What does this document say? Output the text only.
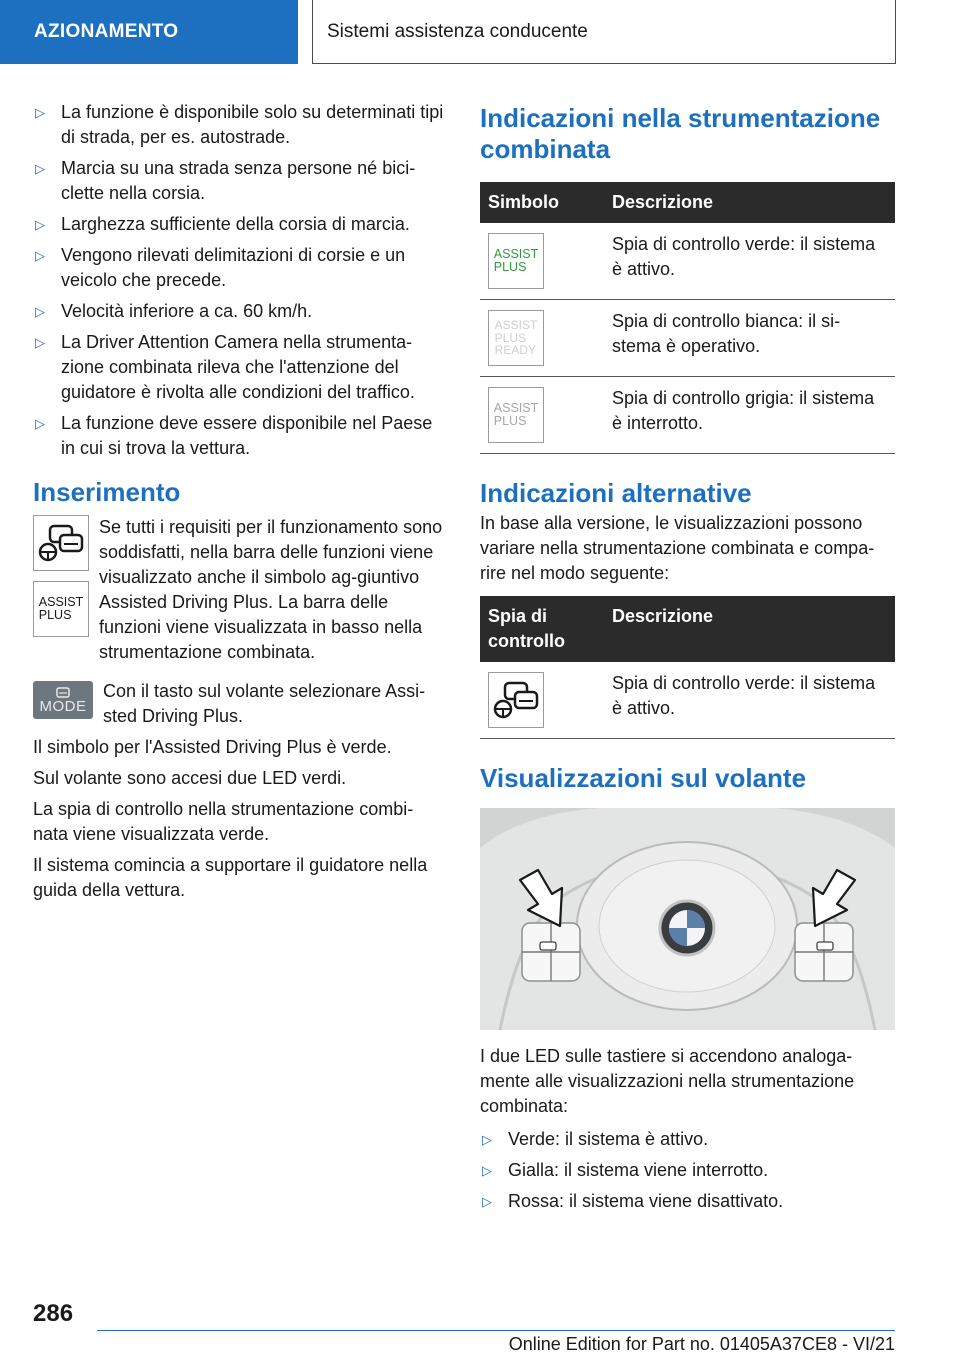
AZIONAMENTO	Sistemi assistenza conducente
▷ La funzione è disponibile solo su determinati tipi di strada, per es. autostrade.
▷ Marcia su una strada senza persone né bici-clette nella corsia.
▷ Larghezza sufficiente della corsia di marcia.
▷ Vengono rilevati delimitazioni di corsie e un veicolo che precede.
▷ Velocità inferiore a ca. 60 km/h.
▷ La Driver Attention Camera nella strumenta-zione combinata rileva che l'attenzione del guidatore è rivolta alle condizioni del traffico.
▷ La funzione deve essere disponibile nel Paese in cui si trova la vettura.
Inserimento
ASSIST
PLUS

Se tutti i requisiti per il funzionamento sono soddisfatti, nella barra delle funzioni viene visualizzato anche il simbolo ag-giuntivo Assisted Driving Plus. La barra delle funzioni viene visualizzata in basso nella strumentazione combinata.

MODE

Con il tasto sul volante selezionare Assi-sted Driving Plus.

Il simbolo per l'Assisted Driving Plus è verde.

Sul volante sono accesi due LED verdi.

La spia di controllo nella strumentazione combi-nata viene visualizzata verde.

Il sistema comincia a supportare il guidatore nella guida della vettura.

Indicazioni nella strumentazione combinata
Simbolo	Descrizione

ASSIST
PLUS	Spia di controllo verde: il sistema è attivo.

ASSIST
PLUS
READY	Spia di controllo bianca: il si-stema è operativo.

ASSIST
PLUS	Spia di controllo grigia: il sistema è interrotto.
Indicazioni alternative

In base alla versione, le visualizzazioni possono variare nella strumentazione combinata e compa-rire nel modo seguente:

Spia di controllo	Descrizione

	Spia di controllo verde: il sistema è attivo.
Visualizzazioni sul volante

I due LED sulle tastiere si accendono analoga-mente alle visualizzazioni nella strumentazione combinata:

▷ Verde: il sistema è attivo.
▷ Gialla: il sistema viene interrotto.
▷ Rossa: il sistema viene disattivato.
286
Online Edition for Part no. 01405A37CE8 - VI/21
